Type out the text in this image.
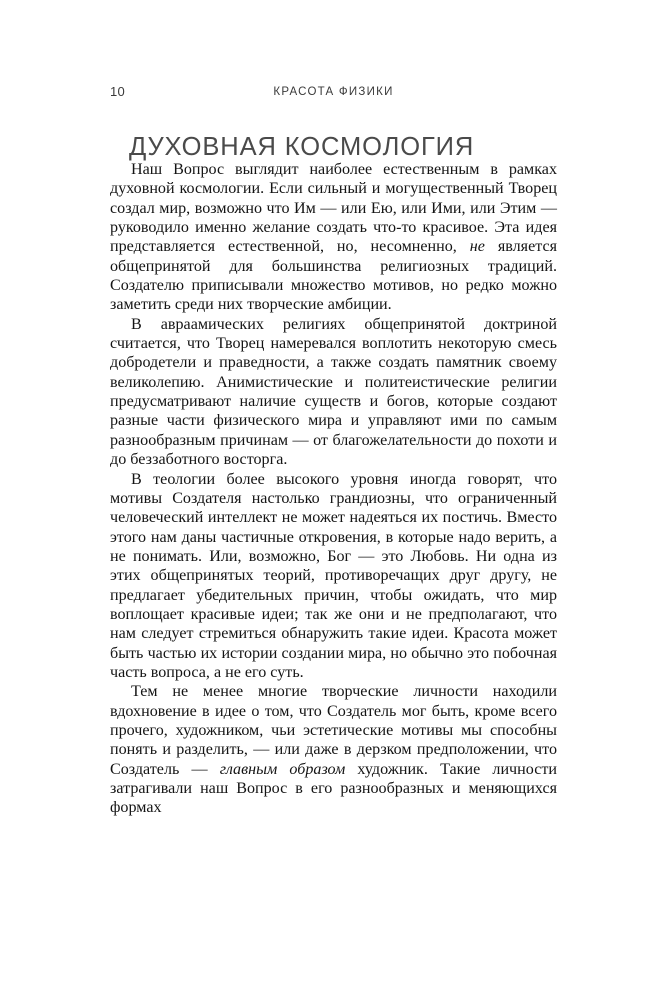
10	КРАСОТА ФИЗИКИ
ДУХОВНАЯ КОСМОЛОГИЯ

Наш Вопрос выглядит наиболее естественным в рамках духовной космологии. Если сильный и могущественный Творец создал мир, возможно что Им — или Ею, или Ими, или Этим — руководило именно желание создать что-то красивое. Эта идея представляется естественной, но, несомненно, не является общепринятой для большинства религиозных традиций. Создателю приписывали множество мотивов, но редко можно заметить среди них творческие амбиции.

В авраамических религиях общепринятой доктриной считается, что Творец намеревался воплотить некоторую смесь добродетели и праведности, а также создать памятник своему великолепию. Анимистические и политеистические религии предусматривают наличие существ и богов, которые создают разные части физического мира и управляют ими по самым разнообразным причинам — от благожелательности до похоти и до беззаботного восторга.

В теологии более высокого уровня иногда говорят, что мотивы Создателя настолько грандиозны, что ограниченный человеческий интеллект не может надеяться их постичь. Вместо этого нам даны частичные откровения, в которые надо верить, а не понимать. Или, возможно, Бог — это Любовь. Ни одна из этих общепринятых теорий, противоречащих друг другу, не предлагает убедительных причин, чтобы ожидать, что мир воплощает красивые идеи; так же они и не предполагают, что нам следует стремиться обнаружить такие идеи. Красота может быть частью их истории создании мира, но обычно это побочная часть вопроса, а не его суть.

Тем не менее многие творческие личности находили вдохновение в идее о том, что Создатель мог быть, кроме всего прочего, художником, чьи эстетические мотивы мы способны понять и разделить, — или даже в дерзком предположении, что Создатель — главным образом художник. Такие личности затрагивали наш Вопрос в его разнообразных и меняющихся формах
